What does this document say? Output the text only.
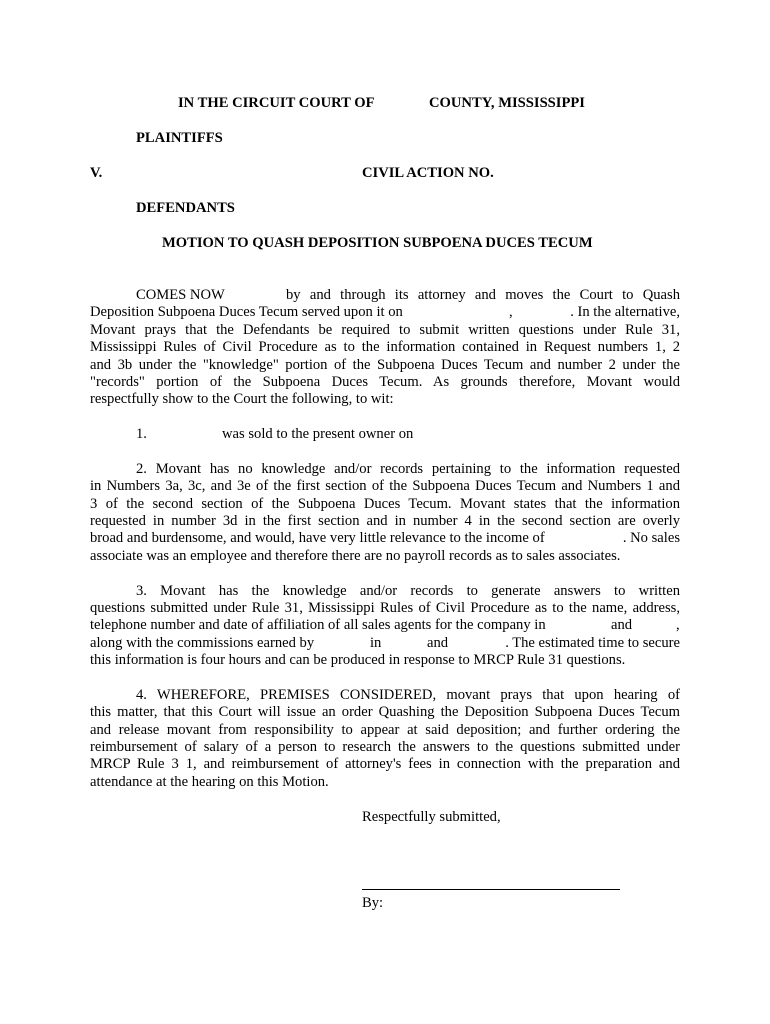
IN THE CIRCUIT COURT OF	COUNTY, MISSISSIPPI
PLAINTIFFS
V.	CIVIL ACTION NO.
DEFENDANTS
MOTION TO QUASH DEPOSITION SUBPOENA DUCES TECUM
COMES NOW	by and through its attorney and moves the Court to Quash
Deposition Subpoena Duces Tecum served upon it on	,	. In the alternative,
Movant prays that the Defendants be required to submit written questions under Rule 31,
Mississippi Rules of Civil Procedure as to the information contained in Request numbers 1, 2
and 3b under the "knowledge" portion of the Subpoena Duces Tecum and number 2 under the
"records" portion of the Subpoena Duces Tecum. As grounds therefore, Movant would
respectfully show to the Court the following, to wit:
1.	was sold to the present owner on
2. Movant has no knowledge and/or records pertaining to the information requested
in Numbers 3a, 3c, and 3e of the first section of the Subpoena Duces Tecum and Numbers 1 and
3 of the second section of the Subpoena Duces Tecum. Movant states that the information
requested in number 3d in the first section and in number 4 in the second section are overly
broad and burdensome, and would, have very little relevance to the income of	. No sales
associate was an employee and therefore there are no payroll records as to sales associates.
3. Movant has the knowledge and/or records to generate answers to written
questions submitted under Rule 31, Mississippi Rules of Civil Procedure as to the name, address,
telephone number and date of affiliation of all sales agents for the company in	and	,
along with the commissions earned by	in	and	. The estimated time to secure
this information is four hours and can be produced in response to MRCP Rule 31 questions.
4. WHEREFORE, PREMISES CONSIDERED, movant prays that upon hearing of
this matter, that this Court will issue an order Quashing the Deposition Subpoena Duces Tecum
and release movant from responsibility to appear at said deposition; and further ordering the
reimbursement of salary of a person to research the answers to the questions submitted under
MRCP Rule 3 1, and reimbursement of attorney's fees in connection with the preparation and
attendance at the hearing on this Motion.
Respectfully submitted,
By:
